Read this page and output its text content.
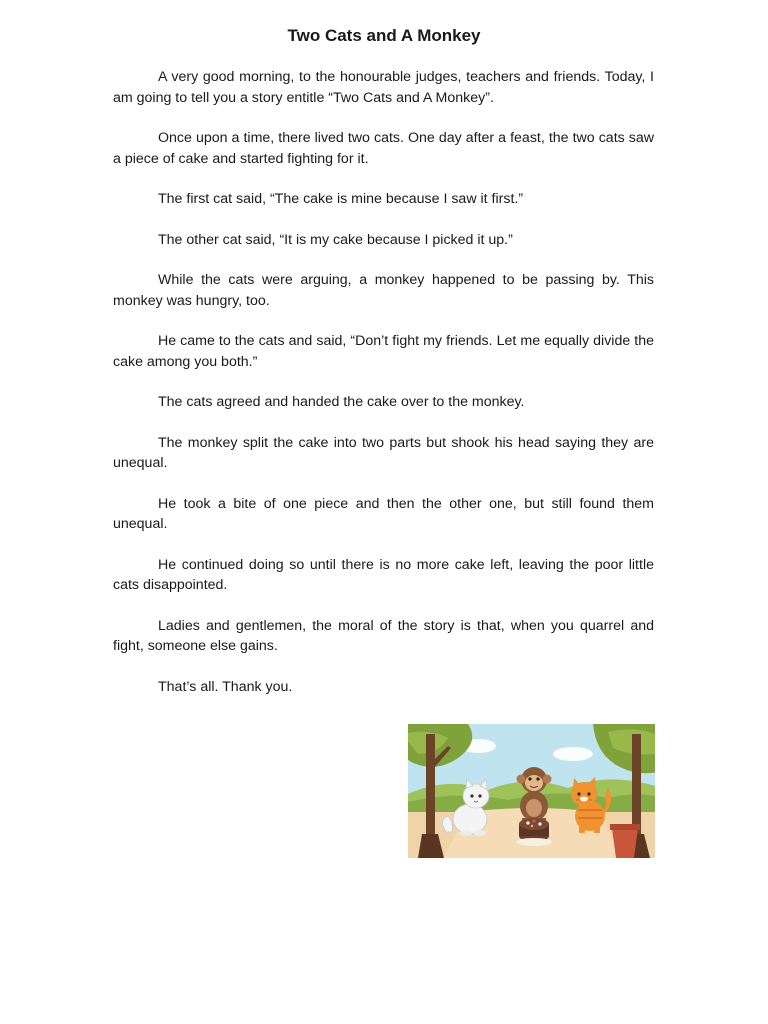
Two Cats and A Monkey

A very good morning, to the honourable judges, teachers and friends. Today, I am going to tell you a story entitle “Two Cats and A Monkey”.

Once upon a time, there lived two cats. One day after a feast, the two cats saw a piece of cake and started fighting for it.

The first cat said, “The cake is mine because I saw it first.”

The other cat said, “It is my cake because I picked it up.”

While the cats were arguing, a monkey happened to be passing by. This monkey was hungry, too.

He came to the cats and said, “Don’t fight my friends. Let me equally divide the cake among you both.”

The cats agreed and handed the cake over to the monkey.

The monkey split the cake into two parts but shook his head saying they are unequal.

He took a bite of one piece and then the other one, but still found them unequal.

He continued doing so until there is no more cake left, leaving the poor little cats disappointed.

Ladies and gentlemen, the moral of the story is that, when you quarrel and fight, someone else gains.

That’s all. Thank you.
